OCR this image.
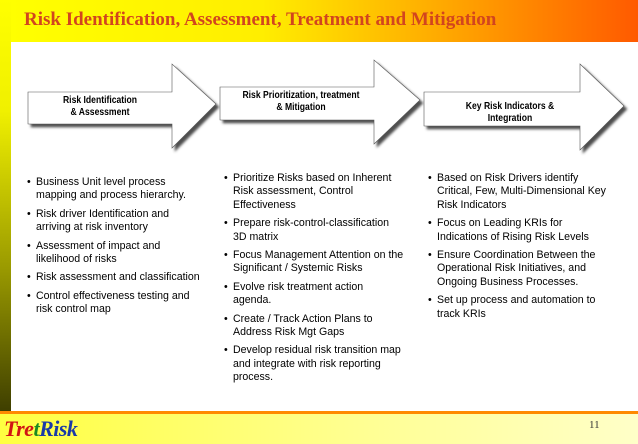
Risk Identification, Assessment, Treatment and Mitigation
Risk Identification
& Assessment
Risk Prioritization, treatment
& Mitigation	Key Risk Indicators &
Integration
• Business Unit level process mapping and process hierarchy.
• Risk driver Identification and arriving at risk inventory
• Assessment of impact and likelihood of risks
• Risk assessment and classification
• Control effectiveness testing and risk control map
• Prioritize Risks based on Inherent Risk assessment, Control Effectiveness
• Prepare risk-control-classification 3D matrix
• Focus Management Attention on the Significant / Systemic Risks
• Evolve risk treatment action agenda.
• Create / Track Action Plans to Address Risk Mgt Gaps
• Develop residual risk transition map and integrate with risk reporting process.
• Based on Risk Drivers identify Critical, Few, Multi-Dimensional Key Risk Indicators
• Focus on Leading KRIs for Indications of Rising Risk Levels
• Ensure Coordination Between the Operational Risk Initiatives, and Ongoing Business Processes.
• Set up process and automation to track KRIs
TretRisk	11
